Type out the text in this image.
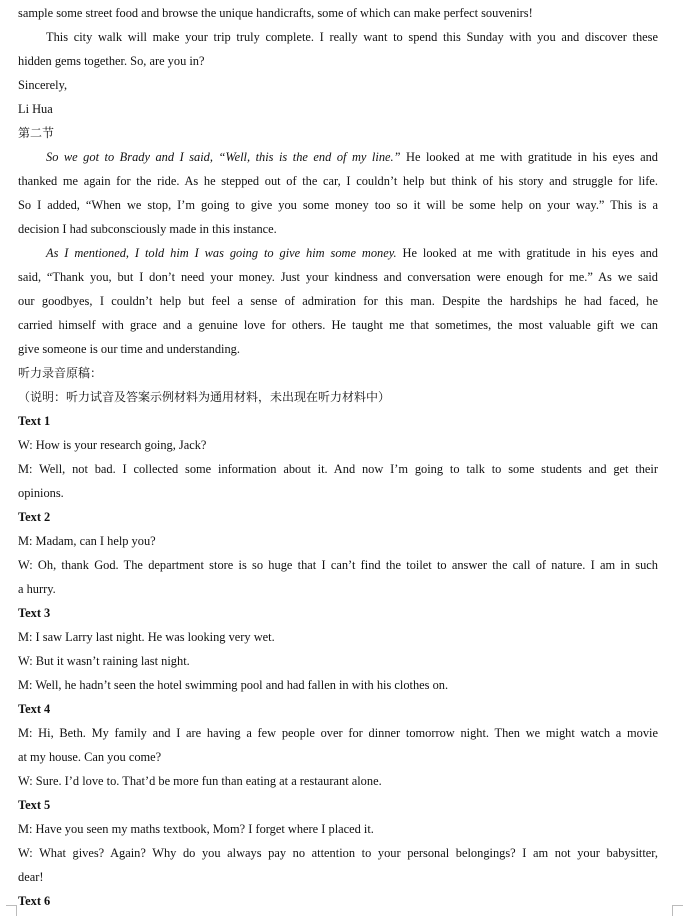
sample some street food and browse the unique handicrafts, some of which can make perfect souvenirs!
This city walk will make your trip truly complete. I really want to spend this Sunday with you and discover these
hidden gems together. So, are you in?
Sincerely,
Li Hua
第二节
So we got to Brady and I said, “Well, this is the end of my line.” He looked at me with gratitude in his eyes and
thanked me again for the ride. As he stepped out of the car, I couldn’t help but think of his story and struggle for life.
So I added, “When we stop, I’m going to give you some money too so it will be some help on your way.” This is a
decision I had subconsciously made in this instance.
As I mentioned, I told him I was going to give him some money. He looked at me with gratitude in his eyes and
said, “Thank you, but I don’t need your money. Just your kindness and conversation were enough for me.” As we said
our goodbyes, I couldn’t help but feel a sense of admiration for this man. Despite the hardships he had faced, he
carried himself with grace and a genuine love for others. He taught me that sometimes, the most valuable gift we can
give someone is our time and understanding.
听力录音原稿：
（说明：听力试音及答案示例材料为通用材料，未出现在听力材料中）
Text 1
W: How is your research going, Jack?
M: Well, not bad. I collected some information about it. And now I’m going to talk to some students and get their
opinions.
Text 2
M: Madam, can I help you?
W: Oh, thank God. The department store is so huge that I can’t find the toilet to answer the call of nature. I am in such
a hurry.
Text 3
M: I saw Larry last night. He was looking very wet.
W: But it wasn’t raining last night.
M: Well, he hadn’t seen the hotel swimming pool and had fallen in with his clothes on.
Text 4
M: Hi, Beth. My family and I are having a few people over for dinner tomorrow night. Then we might watch a movie
at my house. Can you come?
W: Sure. I’d love to. That’d be more fun than eating at a restaurant alone.
Text 5
M: Have you seen my maths textbook, Mom? I forget where I placed it.
W: What gives? Again? Why do you always pay no attention to your personal belongings? I am not your babysitter,
dear!
Text 6
